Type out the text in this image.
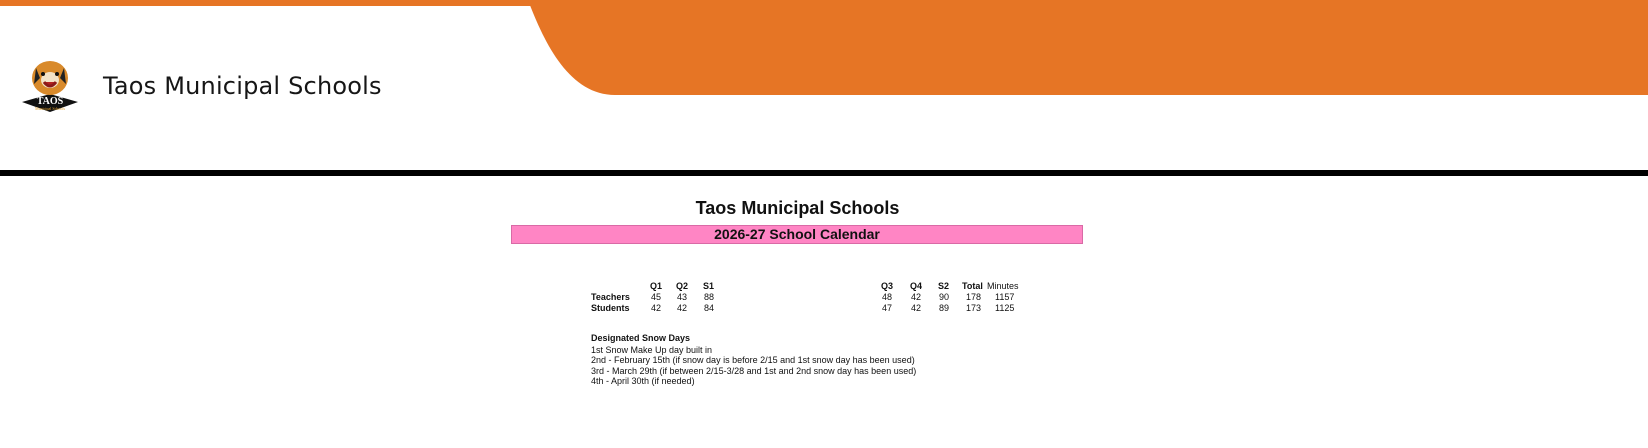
TAOS
Municipal Schools
Taos Municipal Schools
Taos Municipal Schools
2026-27 School Calendar
Q1 Q2 S1
Teachers 45 43 88
Students 42 42 84
Q3 Q4 S2 Total Minutes
48 42 90 178 1157
47 42 89 173 1125
Designated Snow Days
1st Snow Make Up day built in
2nd - February 15th (if snow day is before 2/15 and 1st snow day has been used)
3rd - March 29th (if between 2/15-3/28 and 1st and 2nd snow day has been used)
4th - April 30th (if needed)
